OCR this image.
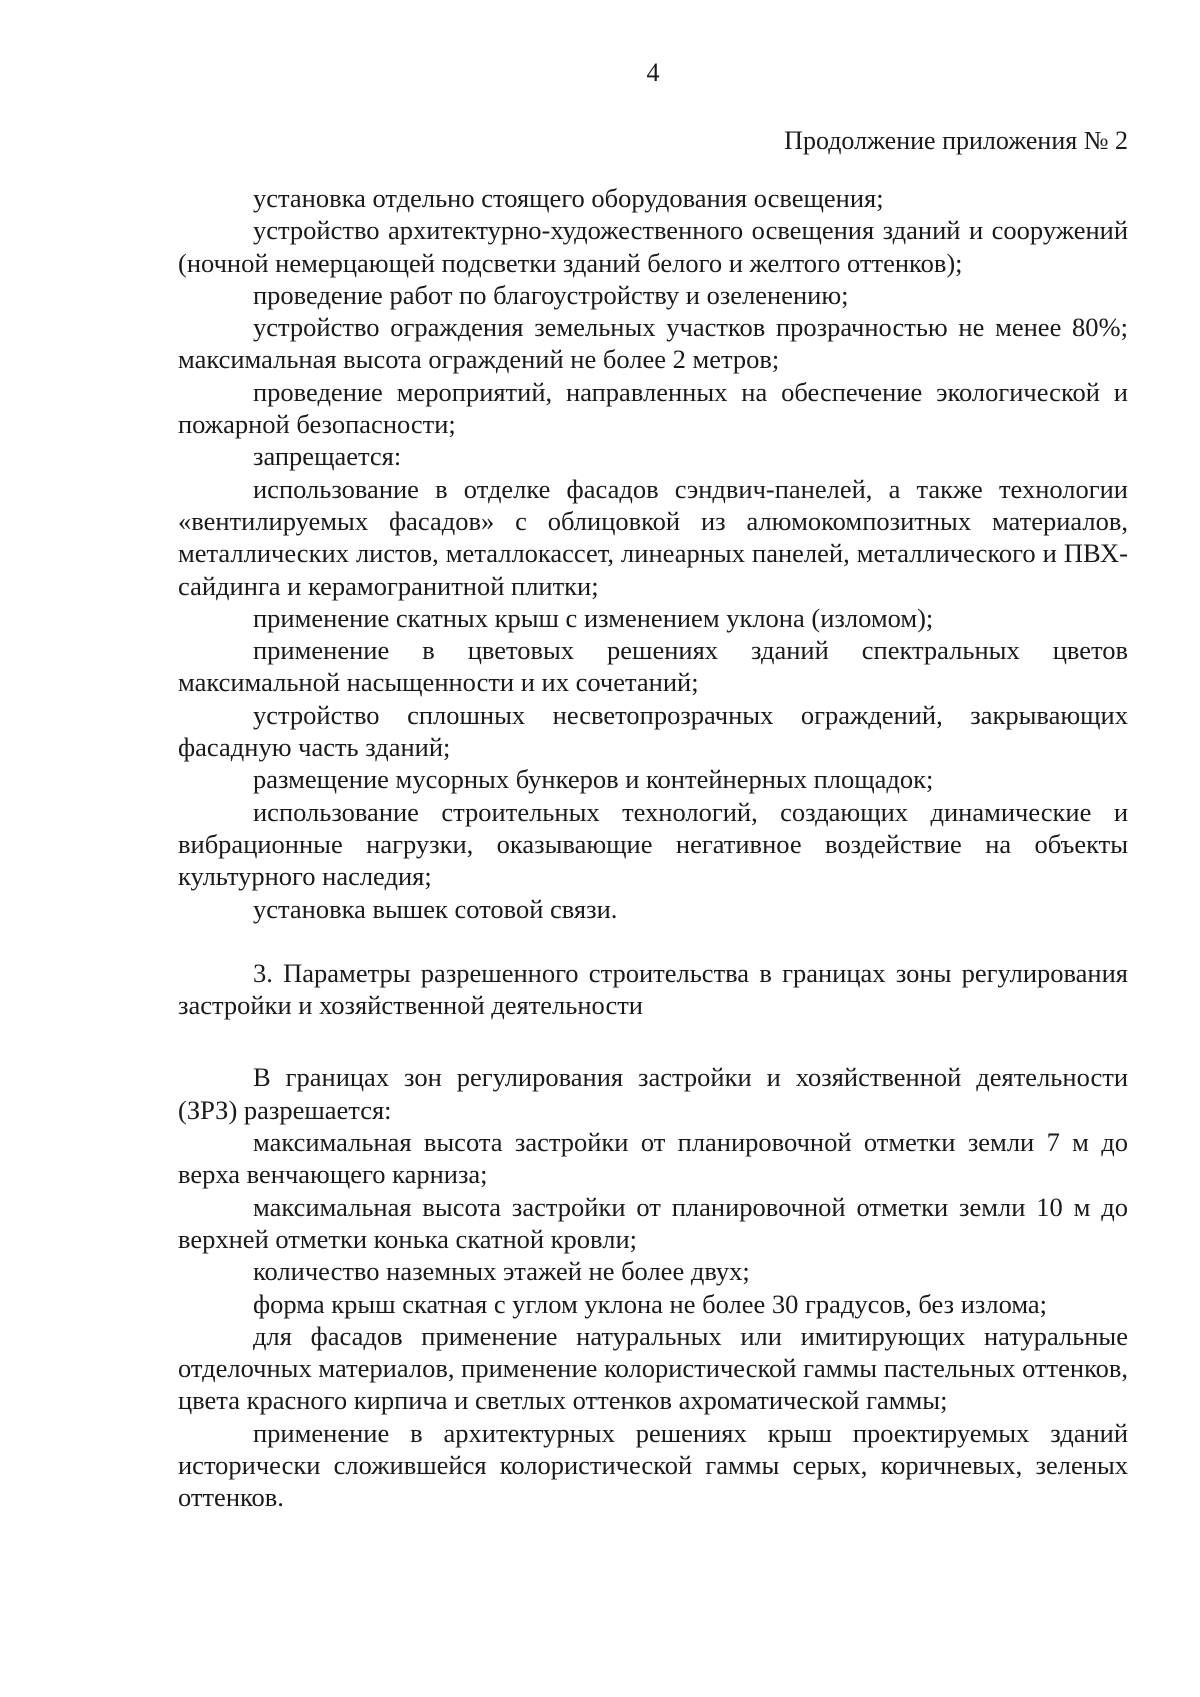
4
Продолжение приложения № 2

установка отдельно стоящего оборудования освещения;

устройство архитектурно-художественного освещения зданий и сооружений (ночной немерцающей подсветки зданий белого и желтого оттенков);

проведение работ по благоустройству и озеленению;

устройство ограждения земельных участков прозрачностью не менее 80%; максимальная высота ограждений не более 2 метров;

проведение мероприятий, направленных на обеспечение экологической и пожарной безопасности;

запрещается:

использование в отделке фасадов сэндвич-панелей, а также технологии «вентилируемых фасадов» с облицовкой из алюмокомпозитных материалов, металлических листов, металлокассет, линеарных панелей, металлического и ПВХ-сайдинга и керамогранитной плитки;

применение скатных крыш с изменением уклона (изломом);

применение в цветовых решениях зданий спектральных цветов максимальной насыщенности и их сочетаний;

устройство сплошных несветопрозрачных ограждений, закрывающих фасадную часть зданий;

размещение мусорных бункеров и контейнерных площадок;

использование строительных технологий, создающих динамические и вибрационные нагрузки, оказывающие негативное воздействие на объекты культурного наследия;

установка вышек сотовой связи.

3. Параметры разрешенного строительства в границах зоны регулирования застройки и хозяйственной деятельности

В границах зон регулирования застройки и хозяйственной деятельности (ЗРЗ) разрешается:

максимальная высота застройки от планировочной отметки земли 7 м до верха венчающего карниза;

максимальная высота застройки от планировочной отметки земли 10 м до верхней отметки конька скатной кровли;

количество наземных этажей не более двух;

форма крыш скатная с углом уклона не более 30 градусов, без излома;

для фасадов применение натуральных или имитирующих натуральные отделочных материалов, применение колористической гаммы пастельных оттенков, цвета красного кирпича и светлых оттенков ахроматической гаммы;

применение в архитектурных решениях крыш проектируемых зданий исторически сложившейся колористической гаммы серых, коричневых, зеленых оттенков.
